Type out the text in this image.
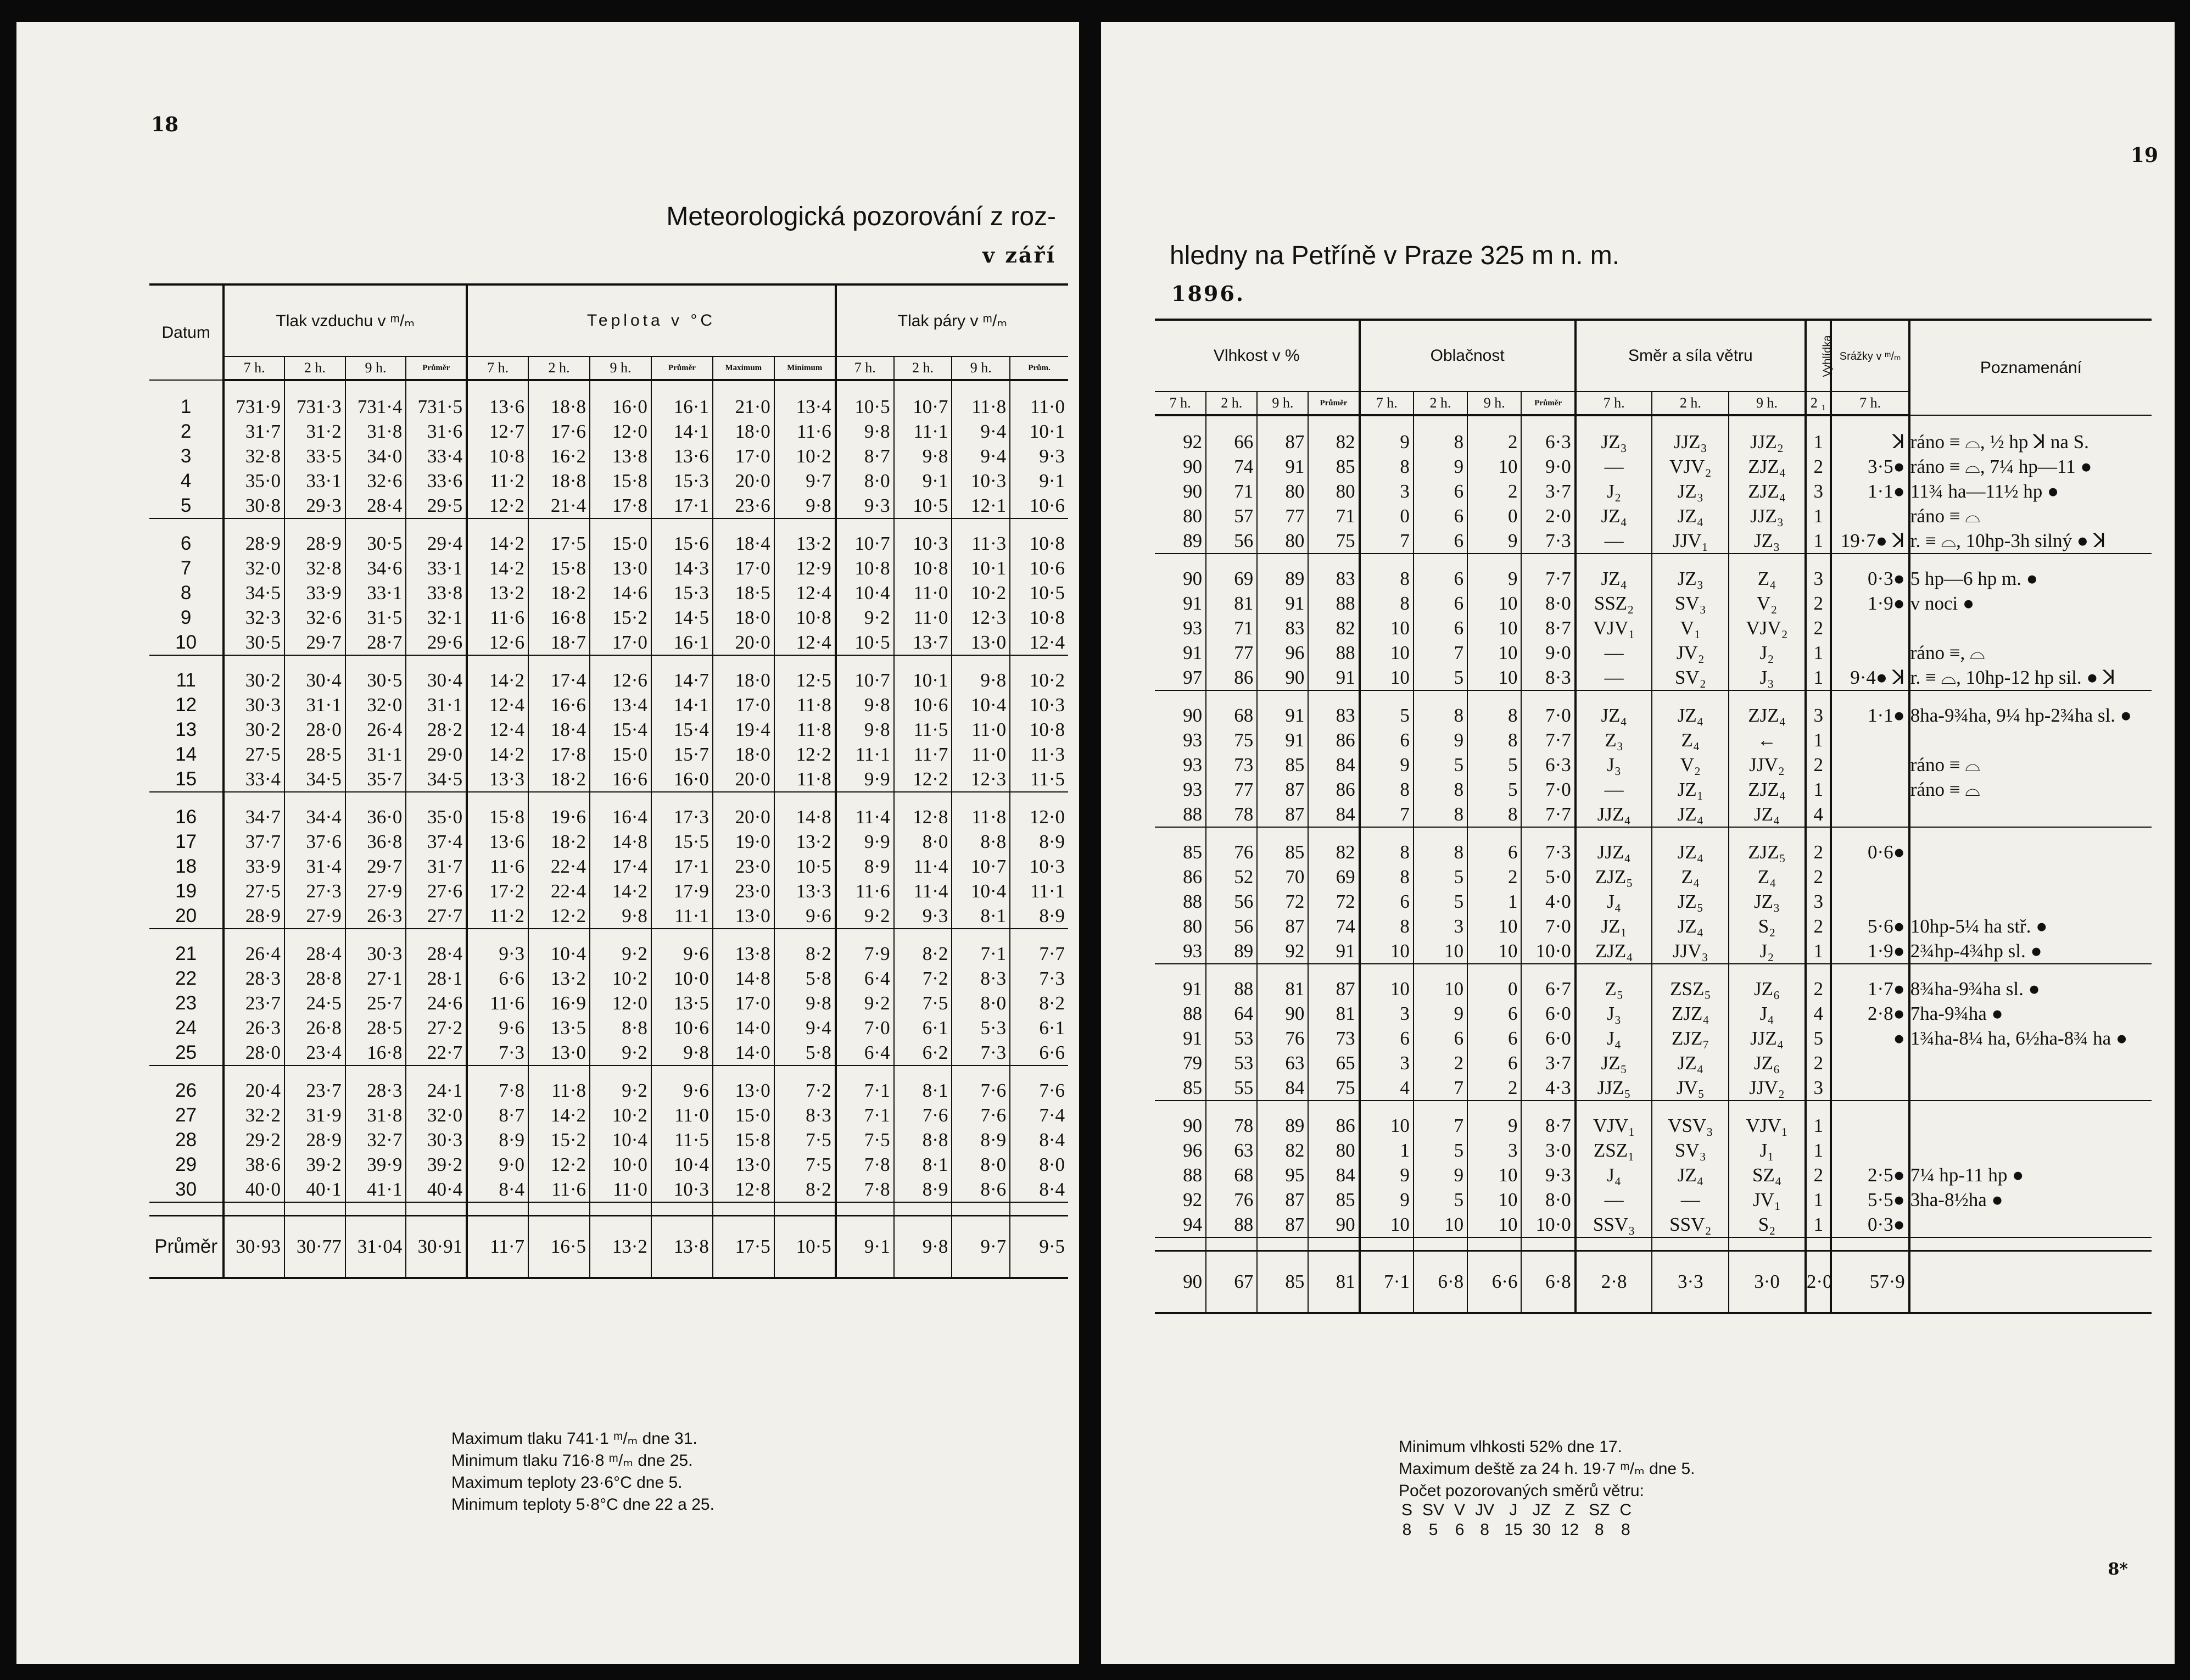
18
Meteorologická pozorování z roz-
v září
Datum	Tlak vzduchu v ᵐ/ₘ				Teplota v °C						Tlak páry v ᵐ/ₘ			
	7 h.	2 h.	9 h.	Průměr	7 h.	2 h.	9 h.	Průměr	Maximum	Minimum	7 h.	2 h.	9 h.	Prům.

1	731·9	731·3	731·4	731·5	13·6	18·8	16·0	16·1	21·0	13·4	10·5	10·7	11·8	11·0
2	31·7	31·2	31·8	31·6	12·7	17·6	12·0	14·1	18·0	11·6	9·8	11·1	9·4	10·1
3	32·8	33·5	34·0	33·4	10·8	16·2	13·8	13·6	17·0	10·2	8·7	9·8	9·4	9·3
4	35·0	33·1	32·6	33·6	11·2	18·8	15·8	15·3	20·0	9·7	8·0	9·1	10·3	9·1
5	30·8	29·3	28·4	29·5	12·2	21·4	17·8	17·1	23·6	9·8	9·3	10·5	12·1	10·6

6	28·9	28·9	30·5	29·4	14·2	17·5	15·0	15·6	18·4	13·2	10·7	10·3	11·3	10·8
7	32·0	32·8	34·6	33·1	14·2	15·8	13·0	14·3	17·0	12·9	10·8	10·8	10·1	10·6
8	34·5	33·9	33·1	33·8	13·2	18·2	14·6	15·3	18·5	12·4	10·4	11·0	10·2	10·5
9	32·3	32·6	31·5	32·1	11·6	16·8	15·2	14·5	18·0	10·8	9·2	11·0	12·3	10·8
10	30·5	29·7	28·7	29·6	12·6	18·7	17·0	16·1	20·0	12·4	10·5	13·7	13·0	12·4

11	30·2	30·4	30·5	30·4	14·2	17·4	12·6	14·7	18·0	12·5	10·7	10·1	9·8	10·2
12	30·3	31·1	32·0	31·1	12·4	16·6	13·4	14·1	17·0	11·8	9·8	10·6	10·4	10·3
13	30·2	28·0	26·4	28·2	12·4	18·4	15·4	15·4	19·4	11·8	9·8	11·5	11·0	10·8
14	27·5	28·5	31·1	29·0	14·2	17·8	15·0	15·7	18·0	12·2	11·1	11·7	11·0	11·3
15	33·4	34·5	35·7	34·5	13·3	18·2	16·6	16·0	20·0	11·8	9·9	12·2	12·3	11·5

16	34·7	34·4	36·0	35·0	15·8	19·6	16·4	17·3	20·0	14·8	11·4	12·8	11·8	12·0
17	37·7	37·6	36·8	37·4	13·6	18·2	14·8	15·5	19·0	13·2	9·9	8·0	8·8	8·9
18	33·9	31·4	29·7	31·7	11·6	22·4	17·4	17·1	23·0	10·5	8·9	11·4	10·7	10·3
19	27·5	27·3	27·9	27·6	17·2	22·4	14·2	17·9	23·0	13·3	11·6	11·4	10·4	11·1
20	28·9	27·9	26·3	27·7	11·2	12·2	9·8	11·1	13·0	9·6	9·2	9·3	8·1	8·9

21	26·4	28·4	30·3	28·4	9·3	10·4	9·2	9·6	13·8	8·2	7·9	8·2	7·1	7·7
22	28·3	28·8	27·1	28·1	6·6	13·2	10·2	10·0	14·8	5·8	6·4	7·2	8·3	7·3
23	23·7	24·5	25·7	24·6	11·6	16·9	12·0	13·5	17·0	9·8	9·2	7·5	8·0	8·2
24	26·3	26·8	28·5	27·2	9·6	13·5	8·8	10·6	14·0	9·4	7·0	6·1	5·3	6·1
25	28·0	23·4	16·8	22·7	7·3	13·0	9·2	9·8	14·0	5·8	6·4	6·2	7·3	6·6

26	20·4	23·7	28·3	24·1	7·8	11·8	9·2	9·6	13·0	7·2	7·1	8·1	7·6	7·6
27	32·2	31·9	31·8	32·0	8·7	14·2	10·2	11·0	15·0	8·3	7·1	7·6	7·6	7·4
28	29·2	28·9	32·7	30·3	8·9	15·2	10·4	11·5	15·8	7·5	7·5	8·8	8·9	8·4
29	38·6	39·2	39·9	39·2	9·0	12·2	10·0	10·4	13·0	7·5	7·8	8·1	8·0	8·0
30	40·0	40·1	41·1	40·4	8·4	11·6	11·0	10·3	12·8	8·2	7·8	8·9	8·6	8·4

Průměr	30·93	30·77	31·04	30·91	11·7	16·5	13·2	13·8	17·5	10·5	9·1	9·8	9·7	9·5
Maximum tlaku 741·1 ᵐ/ₘ dne 31.
Minimum tlaku 716·8 ᵐ/ₘ dne 25.
Maximum teploty 23·6°C dne 5.
Minimum teploty 5·8°C dne 22 a 25.
19
hledny na Petříně v Praze 325 m n. m.
1896.
Vlhkost v %				Oblačnost				Směr a síla větru			Vyhlídka	Srážky v ᵐ/ₘ	Poznamenání
7 h.	2 h.	9 h.	Průměr	7 h.	2 h.	9 h.	Průměr	7 h.	2 h.	9 h.	2 ₁	7 h.	

92	66	87	82	9	8	2	6·3	JZ₃	JJZ₃	JJZ₂	1	ꓘ	ráno ≡ ⌓, ½ hp ꓘ na S.
90	74	91	85	8	9	10	9·0	—	VJV₂	ZJZ₄	2	3·5●	ráno ≡ ⌓, 7¼ hp—11 ●
90	71	80	80	3	6	2	3·7	J₂	JZ₃	ZJZ₄	3	1·1●	11¾ ha—11½ hp ●
80	57	77	71	0	6	0	2·0	JZ₄	JZ₄	JJZ₃	1		ráno ≡ ⌓
89	56	80	75	7	6	9	7·3	—	JJV₁	JZ₃	1	19·7● ꓘ	r. ≡ ⌓, 10hp-3h silný ● ꓘ

90	69	89	83	8	6	9	7·7	JZ₄	JZ₃	Z₄	3	0·3●	5 hp—6 hp m. ●
91	81	91	88	8	6	10	8·0	SSZ₂	SV₃	V₂	2	1·9●	v noci ●
93	71	83	82	10	6	10	8·7	VJV₁	V₁	VJV₂	2		
91	77	96	88	10	7	10	9·0	—	JV₂	J₂	1		ráno ≡, ⌓
97	86	90	91	10	5	10	8·3	—	SV₂	J₃	1	9·4● ꓘ	r. ≡ ⌓, 10hp-12 hp sil. ● ꓘ

90	68	91	83	5	8	8	7·0	JZ₄	JZ₄	ZJZ₄	3	1·1●	8ha-9¾ha, 9¼ hp-2¾ha sl. ●
93	75	91	86	6	9	8	7·7	Z₃	Z₄	←	1		
93	73	85	84	9	5	5	6·3	J₃	V₂	JJV₂	2		ráno ≡ ⌓
93	77	87	86	8	8	5	7·0	—	JZ₁	ZJZ₄	1		ráno ≡ ⌓
88	78	87	84	7	8	8	7·7	JJZ₄	JZ₄	JZ₄	4		

85	76	85	82	8	8	6	7·3	JJZ₄	JZ₄	ZJZ₅	2	0·6●	
86	52	70	69	8	5	2	5·0	ZJZ₅	Z₄	Z₄	2		
88	56	72	72	6	5	1	4·0	J₄	JZ₅	JZ₃	3		
80	56	87	74	8	3	10	7·0	JZ₁	JZ₄	S₂	2	5·6●	10hp-5¼ ha stř. ●
93	89	92	91	10	10	10	10·0	ZJZ₄	JJV₃	J₂	1	1·9●	2¾hp-4¾hp sl. ●

91	88	81	87	10	10	0	6·7	Z₅	ZSZ₅	JZ₆	2	1·7●	8¾ha-9¾ha sl. ●
88	64	90	81	3	9	6	6·0	J₃	ZJZ₄	J₄	4	2·8●	7ha-9¾ha ●
91	53	76	73	6	6	6	6·0	J₄	ZJZ₇	JJZ₄	5	●	1¾ha-8¼ ha, 6½ha-8¾ ha ●
79	53	63	65	3	2	6	3·7	JZ₅	JZ₄	JZ₆	2		
85	55	84	75	4	7	2	4·3	JJZ₅	JV₅	JJV₂	3		

90	78	89	86	10	7	9	8·7	VJV₁	VSV₃	VJV₁	1		
96	63	82	80	1	5	3	3·0	ZSZ₁	SV₃	J₁	1		
88	68	95	84	9	9	10	9·3	J₄	JZ₄	SZ₄	2	2·5●	7¼ hp-11 hp ●
92	76	87	85	9	5	10	8·0	—	—	JV₁	1	5·5●	3ha-8½ha ●
94	88	87	90	10	10	10	10·0	SSV₃	SSV₂	S₂	1	0·3●	

90	67	85	81	7·1	6·8	6·6	6·8	2·8	3·3	3·0	2·0	57·9	
Minimum vlhkosti 52% dne 17.
Maximum deště za 24 h. 19·7 ᵐ/ₘ dne 5.
Počet pozorovaných směrů větru:
S	SV	V	JV	J	JZ	Z	SZ	C
8	5	6	8	15	30	12	8	8
8*
